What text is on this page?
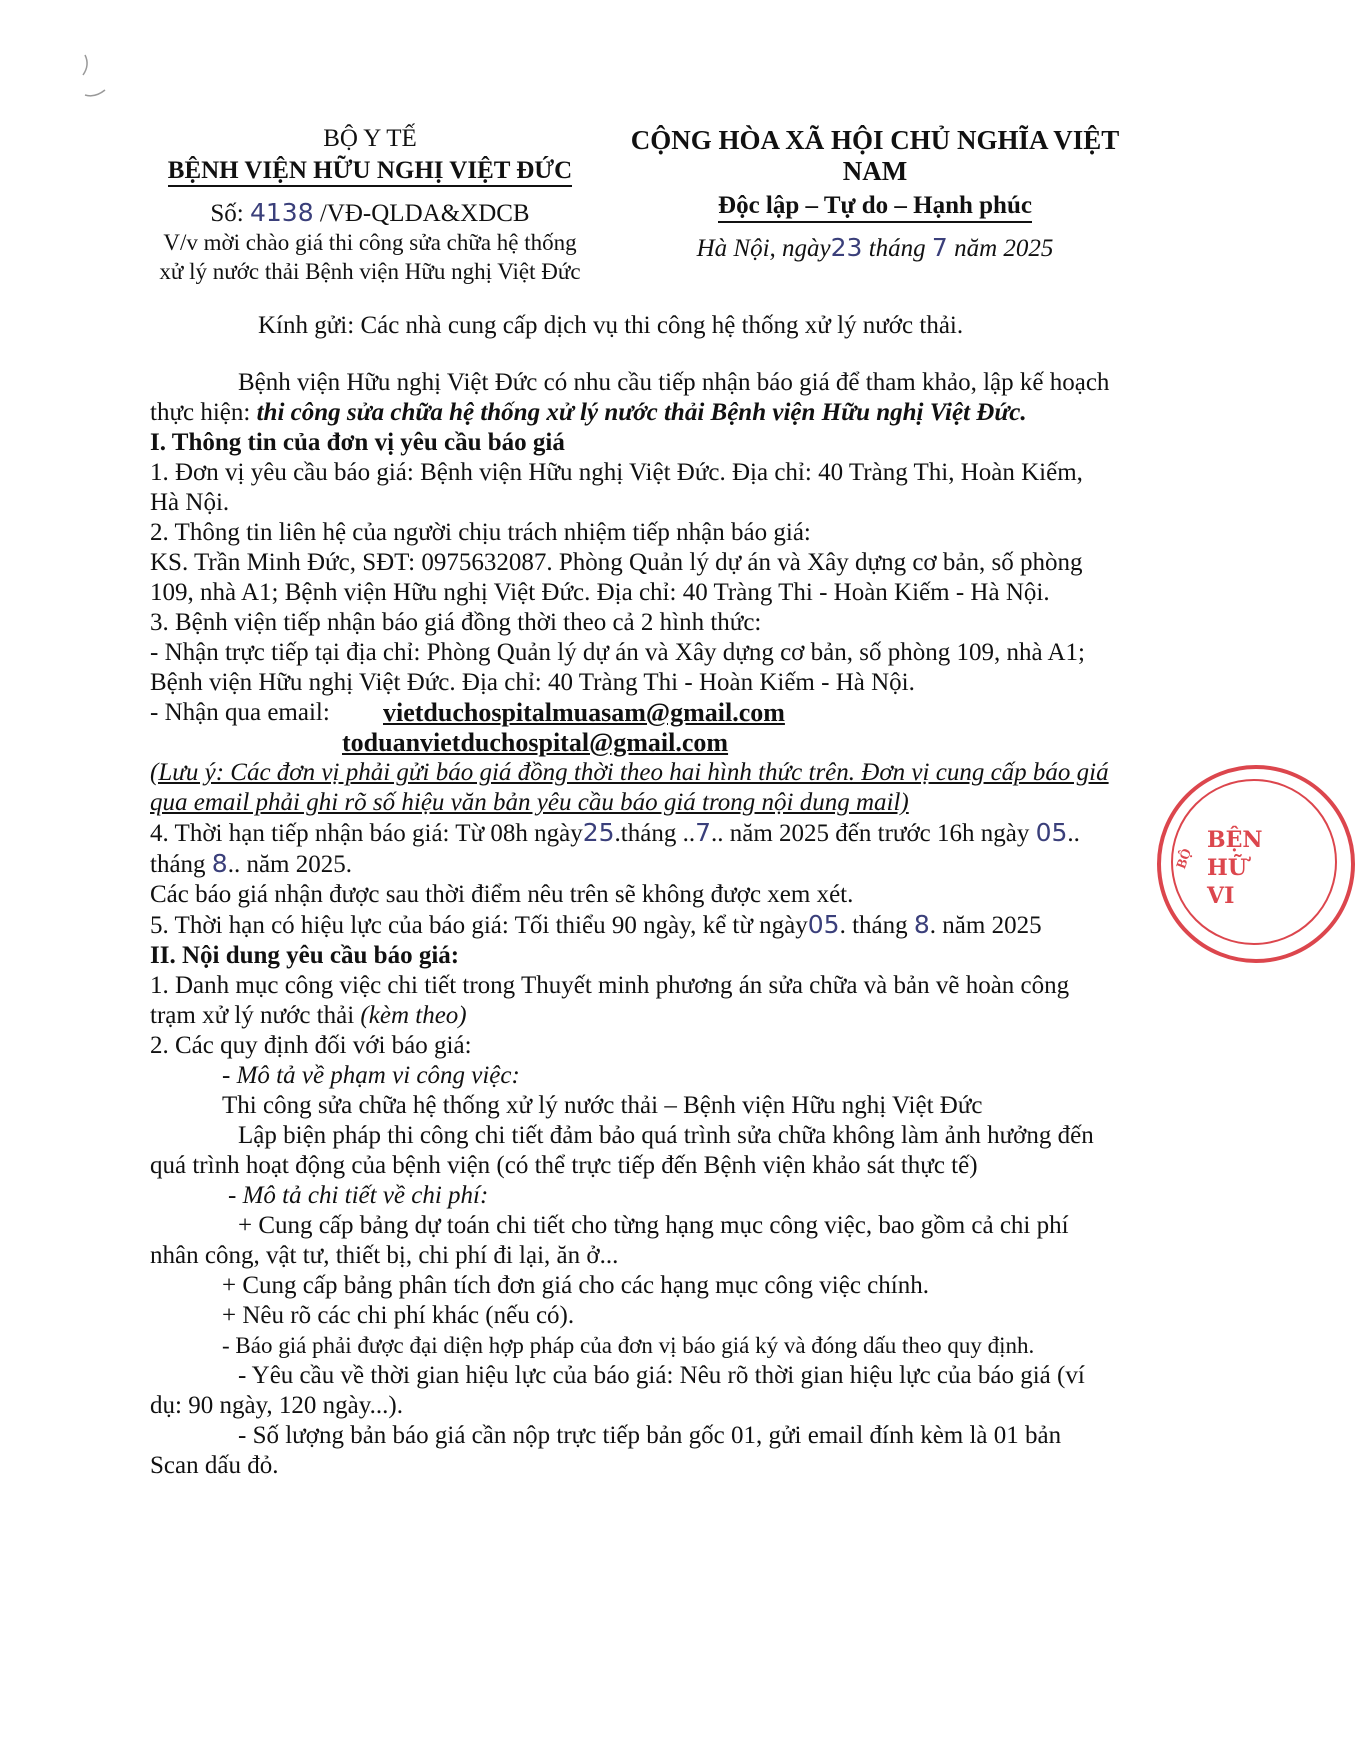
BỘ Y TẾ
BỆNH VIỆN HỮU NGHỊ VIỆT ĐỨC
Số: 4138 /VĐ-QLDA&XDCB
V/v mời chào giá thi công sửa chữa hệ thống
xử lý nước thải Bệnh viện Hữu nghị Việt Đức
CỘNG HÒA XÃ HỘI CHỦ NGHĨA VIỆT NAM
Độc lập – Tự do – Hạnh phúc
Hà Nội, ngày23 tháng 7 năm 2025
Kính gửi: Các nhà cung cấp dịch vụ thi công hệ thống xử lý nước thải.

Bệnh viện Hữu nghị Việt Đức có nhu cầu tiếp nhận báo giá để tham khảo, lập kế hoạch thực hiện: thi công sửa chữa hệ thống xử lý nước thải Bệnh viện Hữu nghị Việt Đức.

I. Thông tin của đơn vị yêu cầu báo giá

1. Đơn vị yêu cầu báo giá: Bệnh viện Hữu nghị Việt Đức. Địa chỉ: 40 Tràng Thi, Hoàn Kiếm, Hà Nội.

2. Thông tin liên hệ của người chịu trách nhiệm tiếp nhận báo giá:

KS. Trần Minh Đức, SĐT: 0975632087. Phòng Quản lý dự án và Xây dựng cơ bản, số phòng 109, nhà A1; Bệnh viện Hữu nghị Việt Đức. Địa chỉ: 40 Tràng Thi - Hoàn Kiếm - Hà Nội.

3. Bệnh viện tiếp nhận báo giá đồng thời theo cả 2 hình thức:

- Nhận trực tiếp tại địa chỉ: Phòng Quản lý dự án và Xây dựng cơ bản, số phòng 109, nhà A1; Bệnh viện Hữu nghị Việt Đức. Địa chỉ: 40 Tràng Thi - Hoàn Kiếm - Hà Nội.

- Nhận qua email: vietduchospitalmuasam@gmail.com
toduanvietduchospital@gmail.com

(Lưu ý: Các đơn vị phải gửi báo giá đồng thời theo hai hình thức trên. Đơn vị cung cấp báo giá qua email phải ghi rõ số hiệu văn bản yêu cầu báo giá trong nội dung mail)

4. Thời hạn tiếp nhận báo giá: Từ 08h ngày25.tháng ..7.. năm 2025 đến trước 16h ngày 05.. tháng 8.. năm 2025.

Các báo giá nhận được sau thời điểm nêu trên sẽ không được xem xét.

5. Thời hạn có hiệu lực của báo giá: Tối thiểu 90 ngày, kể từ ngày05. tháng 8. năm 2025

II. Nội dung yêu cầu báo giá:

1. Danh mục công việc chi tiết trong Thuyết minh phương án sửa chữa và bản vẽ hoàn công trạm xử lý nước thải (kèm theo)

2. Các quy định đối với báo giá:

- Mô tả về phạm vi công việc:

Thi công sửa chữa hệ thống xử lý nước thải – Bệnh viện Hữu nghị Việt Đức

Lập biện pháp thi công chi tiết đảm bảo quá trình sửa chữa không làm ảnh hưởng đến quá trình hoạt động của bệnh viện (có thể trực tiếp đến Bệnh viện khảo sát thực tế)

- Mô tả chi tiết về chi phí:

+ Cung cấp bảng dự toán chi tiết cho từng hạng mục công việc, bao gồm cả chi phí nhân công, vật tư, thiết bị, chi phí đi lại, ăn ở...

+ Cung cấp bảng phân tích đơn giá cho các hạng mục công việc chính.

+ Nêu rõ các chi phí khác (nếu có).

- Báo giá phải được đại diện hợp pháp của đơn vị báo giá ký và đóng dấu theo quy định.

- Yêu cầu về thời gian hiệu lực của báo giá: Nêu rõ thời gian hiệu lực của báo giá (ví dụ: 90 ngày, 120 ngày...).

- Số lượng bản báo giá cần nộp trực tiếp bản gốc 01, gửi email đính kèm là 01 bản Scan dấu đỏ.

BỆN
HỮ
VI
BỘ
